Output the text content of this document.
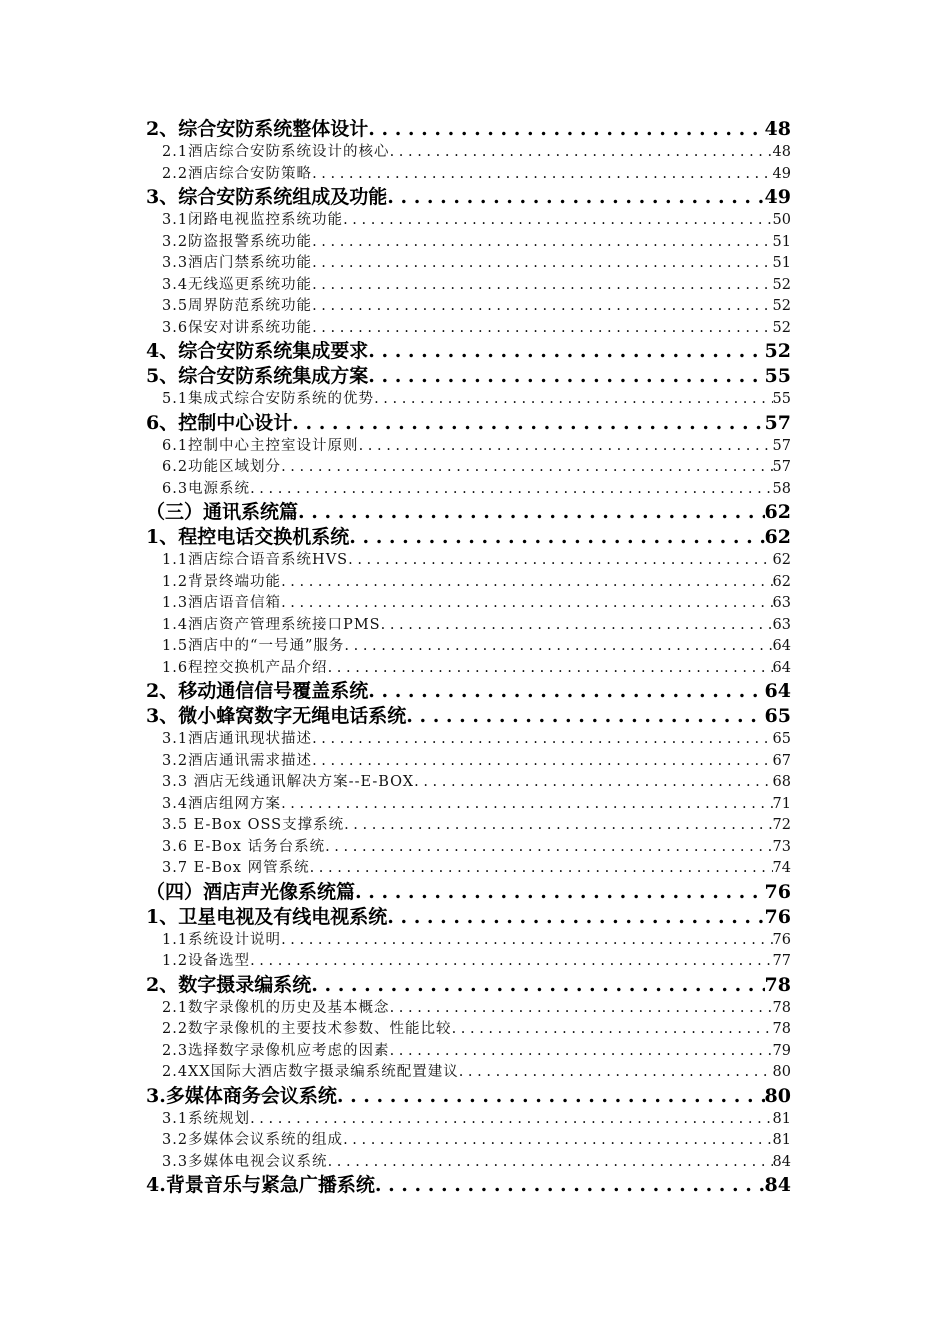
2、综合安防系统整体设计 . . .	48
2.1酒店综合安防系统设计的核心 . . .	48
2.2酒店综合安防策略 . . .	49
3、综合安防系统组成及功能 . . .	49
3.1闭路电视监控系统功能 . . .	50
3.2防盗报警系统功能 . . .	51
3.3酒店门禁系统功能 . . .	51
3.4无线巡更系统功能 . . .	52
3.5周界防范系统功能 . . .	52
3.6保安对讲系统功能 . . .	52
4、综合安防系统集成要求 . . .	52
5、综合安防系统集成方案 . . .	55
5.1集成式综合安防系统的优势 . . .	55
6、控制中心设计 . . .	57
6.1控制中心主控室设计原则 . . .	57
6.2功能区域划分 . . .	57
6.3电源系统 . . .	58
（三）通讯系统篇 . . .	62
1、程控电话交换机系统 . . .	62
1.1酒店综合语音系统HVS . . .	62
1.2背景终端功能 . . .	62
1.3酒店语音信箱 . . .	63
1.4酒店资产管理系统接口PMS . . .	63
1.5酒店中的“一号通”服务 . . .	64
1.6程控交换机产品介绍 . . .	64
2、移动通信信号覆盖系统 . . .	64
3、微小蜂窝数字无绳电话系统 . . .	65
3.1酒店通讯现状描述 . . .	65
3.2酒店通讯需求描述 . . .	67
3.3 酒店无线通讯解决方案--E-BOX . . .	68
3.4酒店组网方案 . . .	71
3.5 E-Box OSS支撑系统 . . .	72
3.6 E-Box 话务台系统 . . .	73
3.7 E-Box 网管系统 . . .	74
（四）酒店声光像系统篇 . . .	76
1、卫星电视及有线电视系统 . . .	76
1.1系统设计说明 . . .	76
1.2设备选型 . . .	77
2、数字摄录编系统 . . .	78
2.1数字录像机的历史及基本概念 . . .	78
2.2数字录像机的主要技术参数、性能比较 . . .	78
2.3选择数字录像机应考虑的因素 . . .	79
2.4XX国际大酒店数字摄录编系统配置建议 . . .	80
3.多媒体商务会议系统 . . .	80
3.1系统规划 . . .	81
3.2多媒体会议系统的组成 . . .	81
3.3多媒体电视会议系统 . . .	84
4.背景音乐与紧急广播系统 . . .	84
